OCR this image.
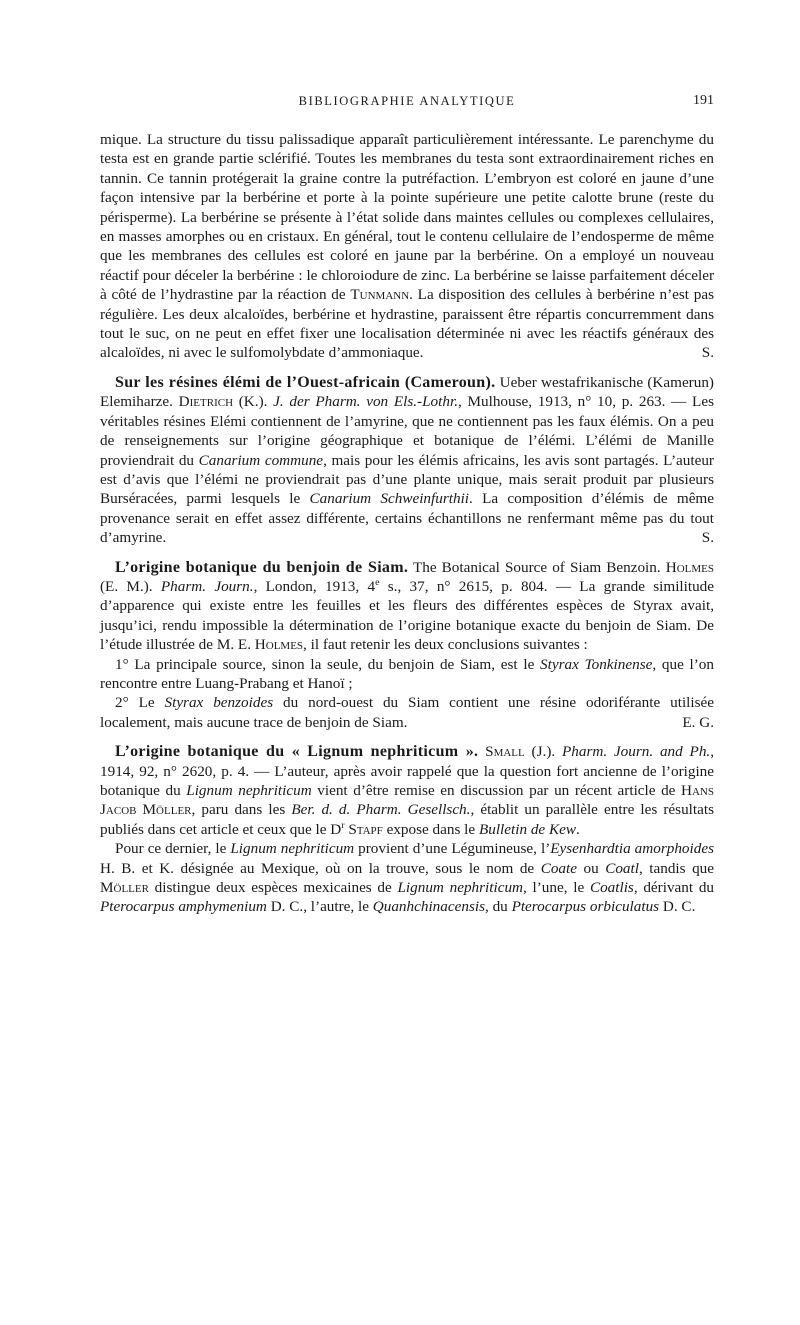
BIBLIOGRAPHIE ANALYTIQUE	191

mique. La structure du tissu palissadique apparaît particulièrement intéressante. Le parenchyme du testa est en grande partie sclérifié. Toutes les membranes du testa sont extraordinairement riches en tannin. Ce tannin protégerait la graine contre la putréfaction. L’embryon est coloré en jaune d’une façon intensive par la berbérine et porte à la pointe supérieure une petite calotte brune (reste du périsperme). La berbérine se présente à l’état solide dans maintes cellules ou complexes cellulaires, en masses amorphes ou en cristaux. En général, tout le contenu cellulaire de l’endosperme de même que les membranes des cellules est coloré en jaune par la berbérine. On a employé un nouveau réactif pour déceler la berbérine : le chloroiodure de zinc. La berbérine se laisse parfaitement déceler à côté de l’hydrastine par la réaction de Tunmann. La disposition des cellules à berbérine n’est pas régulière. Les deux alcaloïdes, berbérine et hydrastine, paraissent être répartis concurremment dans tout le suc, on ne peut en effet fixer une localisation déterminée ni avec les réactifs généraux des alcaloïdes, ni avec le sulfomolybdate d’ammoniaque.	S.

Sur les résines élémi de l’Ouest-africain (Cameroun). Ueber westafrikanische (Kamerun) Elemiharze. Dietrich (K.). J. der Pharm. von Els.-Lothr., Mulhouse, 1913, n° 10, p. 263. — Les véritables résines Elémi contiennent de l’amyrine, que ne contiennent pas les faux élémis. On a peu de renseignements sur l’origine géographique et botanique de l’élémi. L’élémi de Manille proviendrait du Canarium commune, mais pour les élémis africains, les avis sont partagés. L’auteur est d’avis que l’élémi ne proviendrait pas d’une plante unique, mais serait produit par plusieurs Burséracées, parmi lesquels le Canarium Schweinfurthii. La composition d’élémis de même provenance serait en effet assez différente, certains échantillons ne renfermant même pas du tout d’amyrine.	S.

L’origine botanique du benjoin de Siam. The Botanical Source of Siam Benzoin. Holmes (E. M.). Pharm. Journ., London, 1913, 4e s., 37, n° 2615, p. 804. — La grande similitude d’apparence qui existe entre les feuilles et les fleurs des différentes espèces de Styrax avait, jusqu’ici, rendu impossible la détermination de l’origine botanique exacte du benjoin de Siam. De l’étude illustrée de M. E. Holmes, il faut retenir les deux conclusions suivantes :

1° La principale source, sinon la seule, du benjoin de Siam, est le Styrax Tonkinense, que l’on rencontre entre Luang-Prabang et Hanoï ;

2° Le Styrax benzoides du nord-ouest du Siam contient une résine odoriférante utilisée localement, mais aucune trace de benjoin de Siam.	E. G.

L’origine botanique du « Lignum nephriticum ». Small (J.). Pharm. Journ. and Ph., 1914, 92, n° 2620, p. 4. — L’auteur, après avoir rappelé que la question fort ancienne de l’origine botanique du Lignum nephriticum vient d’être remise en discussion par un récent article de Hans Jacob Möller, paru dans les Ber. d. d. Pharm. Gesellsch., établit un parallèle entre les résultats publiés dans cet article et ceux que le $D^r$ Stapf expose dans le Bulletin de Kew.

Pour ce dernier, le Lignum nephriticum provient d’une Légumineuse, l’Eysenhardtia amorphoides H. B. et K. désignée au Mexique, où on la trouve, sous le nom de Coate ou Coatl, tandis que Möller distingue deux espèces mexicaines de Lignum nephriticum, l’une, le Coatlis, dérivant du Pterocarpus amphymenium D. C., l’autre, le Quanhchinacensis, du Pterocarpus orbiculatus D. C.
